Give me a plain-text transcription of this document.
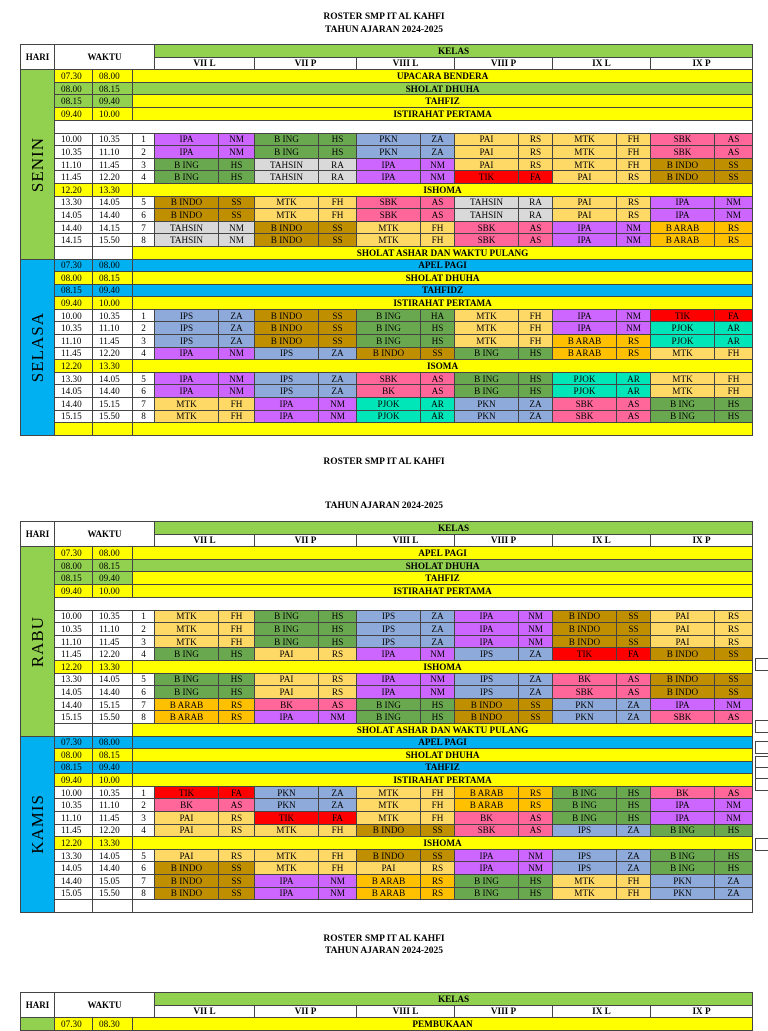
ROSTER SMP IT AL KAHFI
TAHUN AJARAN 2024-2025
HARI	WAKTU			KELAS											
				VII L		VII P		VIII L		VIII P		IX L		IX P	
SENIN	07.30	08.00	UPACARA BENDERA												
	08.00	08.15	SHOLAT DHUHA												
	08.15	09.40	TAHFIZ												
	09.40	10.00	ISTIRAHAT PERTAMA												

	10.00	10.35	1	IPA	NM	B ING	HS	PKN	ZA	PAI	RS	MTK	FH	SBK	AS
	10.35	11.10	2	IPA	NM	B ING	HS	PKN	ZA	PAI	RS	MTK	FH	SBK	AS
	11.10	11.45	3	B ING	HS	TAHSIN	RA	IPA	NM	PAI	RS	MTK	FH	B INDO	SS
	11.45	12.20	4	B ING	HS	TAHSIN	RA	IPA	NM	TIK	FA	PAI	RS	B INDO	SS
	12.20	13.30	ISHOMA												
	13.30	14.05	5	B INDO	SS	MTK	FH	SBK	AS	TAHSIN	RA	PAI	RS	IPA	NM
	14.05	14.40	6	B INDO	SS	MTK	FH	SBK	AS	TAHSIN	RA	PAI	RS	IPA	NM
	14.40	14.15	7	TAHSIN	NM	B INDO	SS	MTK	FH	SBK	AS	IPA	NM	B ARAB	RS
	14.15	15.50	8	TAHSIN	NM	B INDO	SS	MTK	FH	SBK	AS	IPA	NM	B ARAB	RS
			SHOLAT ASHAR DAN WAKTU PULANG												
SELASA	07.30	08.00	APEL PAGI												
	08.00	08.15	SHOLAT DHUHA												
	08.15	09.40	TAHFIDZ												
	09.40	10.00	ISTIRAHAT PERTAMA												
	10.00	10.35	1	IPS	ZA	B INDO	SS	B ING	HA	MTK	FH	IPA	NM	TIK	FA
	10.35	11.10	2	IPS	ZA	B INDO	SS	B ING	HS	MTK	FH	IPA	NM	PJOK	AR
	11.10	11.45	3	IPS	ZA	B INDO	SS	B ING	HS	MTK	FH	B ARAB	RS	PJOK	AR
	11.45	12.20	4	IPA	NM	IPS	ZA	B INDO	SS	B ING	HS	B ARAB	RS	MTK	FH
	12.20	13.30	ISOMA												
	13.30	14.05	5	IPA	NM	IPS	ZA	SBK	AS	B ING	HS	PJOK	AR	MTK	FH
	14.05	14.40	6	IPA	NM	IPS	ZA	BK	AS	B ING	HS	PJOK	AR	MTK	FH
	14.40	15.15	7	MTK	FH	IPA	NM	PJOK	AR	PKN	ZA	SBK	AS	B ING	HS
	15.15	15.50	8	MTK	FH	IPA	NM	PJOK	AR	PKN	ZA	SBK	AS	B ING	HS

ROSTER SMP IT AL KAHFI
TAHUN AJARAN 2024-2025
HARI	WAKTU			KELAS											
				VII L		VII P		VIII L		VIII P		IX L		IX P	
RABU	07.30	08.00	APEL PAGI												
	08.00	08.15	SHOLAT DHUHA												
	08.15	09.40	TAHFIZ												
	09.40	10.00	ISTIRAHAT PERTAMA												

	10.00	10.35	1	MTK	FH	B ING	HS	IPS	ZA	IPA	NM	B INDO	SS	PAI	RS
	10.35	11.10	2	MTK	FH	B ING	HS	IPS	ZA	IPA	NM	B INDO	SS	PAI	RS
	11.10	11.45	3	MTK	FH	B ING	HS	IPS	ZA	IPA	NM	B INDO	SS	PAI	RS
	11.45	12.20	4	B ING	HS	PAI	RS	IPA	NM	IPS	ZA	TIK	FA	B INDO	SS
	12.20	13.30	ISHOMA												
	13.30	14.05	5	B ING	HS	PAI	RS	IPA	NM	IPS	ZA	BK	AS	B INDO	SS
	14.05	14.40	6	B ING	HS	PAI	RS	IPA	NM	IPS	ZA	SBK	AS	B INDO	SS
	14.40	15.15	7	B ARAB	RS	BK	AS	B ING	HS	B INDO	SS	PKN	ZA	IPA	NM
	15.15	15.50	8	B ARAB	RS	IPA	NM	B ING	HS	B INDO	SS	PKN	ZA	SBK	AS
			SHOLAT ASHAR DAN WAKTU PULANG												
KAMIS	07.30	08.00	APEL PAGI												
	08.00	08.15	SHOLAT DHUHA												
	08.15	09.40	TAHFIZ												
	09.40	10.00	ISTIRAHAT PERTAMA												
	10.00	10.35	1	TIK	FA	PKN	ZA	MTK	FH	B ARAB	RS	B ING	HS	BK	AS
	10.35	11.10	2	BK	AS	PKN	ZA	MTK	FH	B ARAB	RS	B ING	HS	IPA	NM
	11.10	11.45	3	PAI	RS	TIK	FA	MTK	FH	BK	AS	B ING	HS	IPA	NM
	11.45	12.20	4	PAI	RS	MTK	FH	B INDO	SS	SBK	AS	IPS	ZA	B ING	HS
	12.20	13.30	ISHOMA												
	13.30	14.05	5	PAI	RS	MTK	FH	B INDO	SS	IPA	NM	IPS	ZA	B ING	HS
	14.05	14.40	6	B INDO	SS	MTK	FH	PAI	RS	IPA	NM	IPS	ZA	B ING	HS
	14.40	15.05	7	B INDO	SS	IPA	NM	B ARAB	RS	B ING	HS	MTK	FH	PKN	ZA
	15.05	15.50	8	B INDO	SS	IPA	NM	B ARAB	RS	B ING	HS	MTK	FH	PKN	ZA

ROSTER SMP IT AL KAHFI
TAHUN AJARAN 2024-2025
HARI	WAKTU			KELAS					
				VII L	VII P	VIII L	VIII P	IX L	IX P
	07.30	08.30	PEMBUKAAN						
